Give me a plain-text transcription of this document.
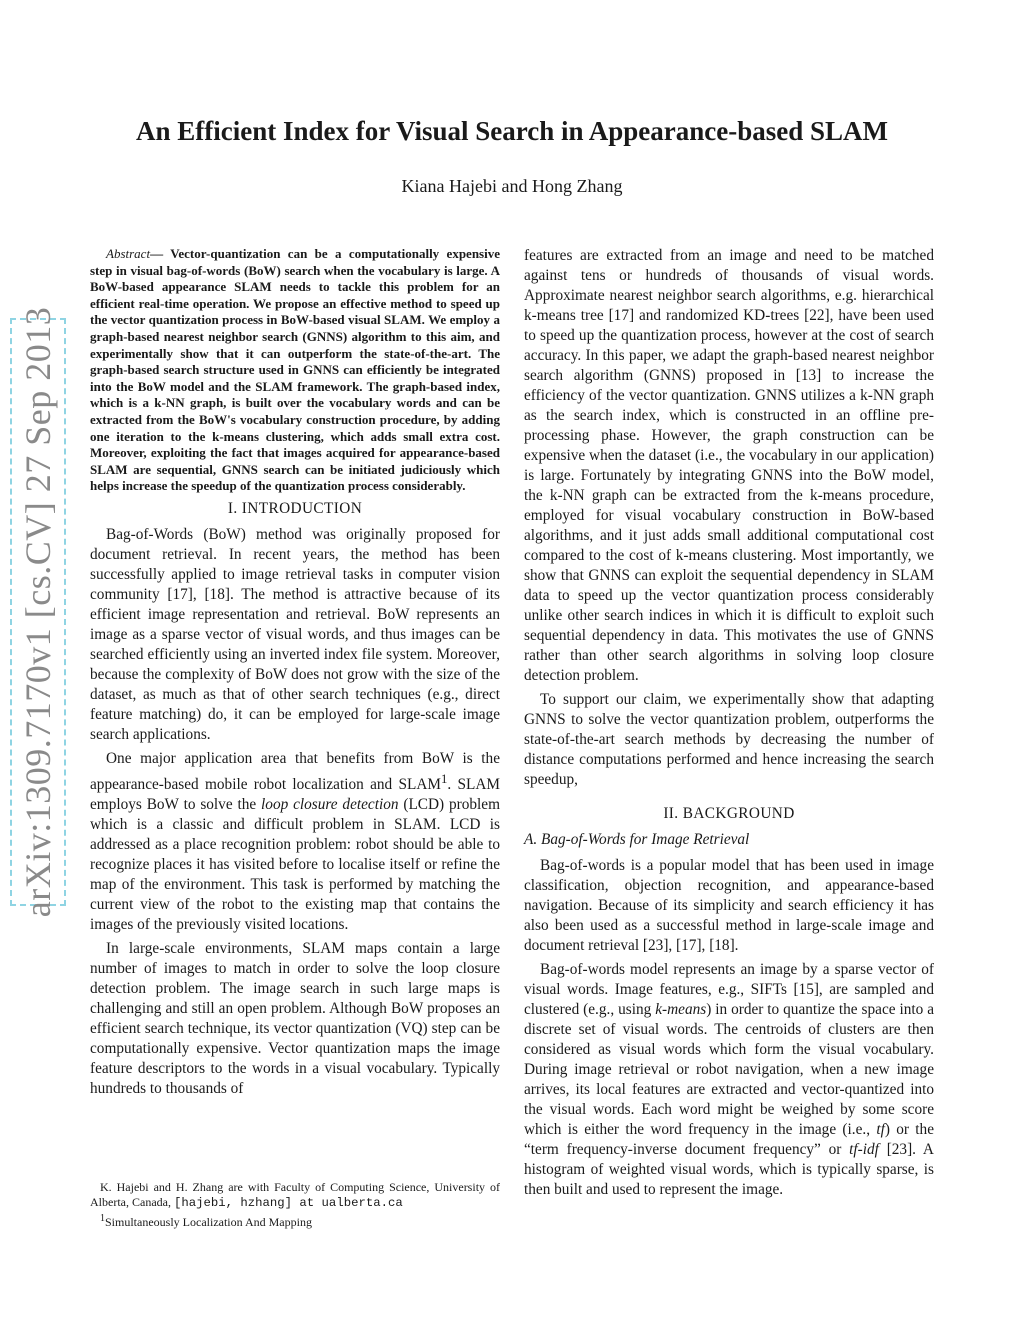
arXiv:1309.7170v1 [cs.CV] 27 Sep 2013
An Efficient Index for Visual Search in Appearance-based SLAM
Kiana Hajebi and Hong Zhang

Abstract— Vector-quantization can be a computationally expensive step in visual bag-of-words (BoW) search when the vocabulary is large. A BoW-based appearance SLAM needs to tackle this problem for an efficient real-time operation. We propose an effective method to speed up the vector quantization process in BoW-based visual SLAM. We employ a graph-based nearest neighbor search (GNNS) algorithm to this aim, and experimentally show that it can outperform the state-of-the-art. The graph-based search structure used in GNNS can efficiently be integrated into the BoW model and the SLAM framework. The graph-based index, which is a k-NN graph, is built over the vocabulary words and can be extracted from the BoW's vocabulary construction procedure, by adding one iteration to the k-means clustering, which adds small extra cost. Moreover, exploiting the fact that images acquired for appearance-based SLAM are sequential, GNNS search can be initiated judiciously which helps increase the speedup of the quantization process considerably.

I. INTRODUCTION

Bag-of-Words (BoW) method was originally proposed for document retrieval. In recent years, the method has been successfully applied to image retrieval tasks in computer vision community [17], [18]. The method is attractive because of its efficient image representation and retrieval. BoW represents an image as a sparse vector of visual words, and thus images can be searched efficiently using an inverted index file system. Moreover, because the complexity of BoW does not grow with the size of the dataset, as much as that of other search techniques (e.g., direct feature matching) do, it can be employed for large-scale image search applications.

One major application area that benefits from BoW is the appearance-based mobile robot localization and SLAM$^1$. SLAM employs BoW to solve the loop closure detection (LCD) problem which is a classic and difficult problem in SLAM. LCD is addressed as a place recognition problem: robot should be able to recognize places it has visited before to localise itself or refine the map of the environment. This task is performed by matching the current view of the robot to the existing map that contains the images of the previously visited locations.

In large-scale environments, SLAM maps contain a large number of images to match in order to solve the loop closure detection problem. The image search in such large maps is challenging and still an open problem. Although BoW proposes an efficient search technique, its vector quantization (VQ) step can be computationally expensive. Vector quantization maps the image feature descriptors to the words in a visual vocabulary. Typically hundreds to thousands of

K. Hajebi and H. Zhang are with Faculty of Computing Science, University of Alberta, Canada, [hajebi, hzhang] at ualberta.ca

$^1$Simultaneously Localization And Mapping

features are extracted from an image and need to be matched against tens or hundreds of thousands of visual words. Approximate nearest neighbor search algorithms, e.g. hierarchical k-means tree [17] and randomized KD-trees [22], have been used to speed up the quantization process, however at the cost of search accuracy. In this paper, we adapt the graph-based nearest neighbor search algorithm (GNNS) proposed in [13] to increase the efficiency of the vector quantization. GNNS utilizes a k-NN graph as the search index, which is constructed in an offline pre-processing phase. However, the graph construction can be expensive when the dataset (i.e., the vocabulary in our application) is large. Fortunately by integrating GNNS into the BoW model, the k-NN graph can be extracted from the k-means procedure, employed for visual vocabulary construction in BoW-based algorithms, and it just adds small additional computational cost compared to the cost of k-means clustering. Most importantly, we show that GNNS can exploit the sequential dependency in SLAM data to speed up the vector quantization process considerably unlike other search indices in which it is difficult to exploit such sequential dependency in data. This motivates the use of GNNS rather than other search algorithms in solving loop closure detection problem.

To support our claim, we experimentally show that adapting GNNS to solve the vector quantization problem, outperforms the state-of-the-art search methods by decreasing the number of distance computations performed and hence increasing the search speedup,

II. BACKGROUND
A. Bag-of-Words for Image Retrieval

Bag-of-words is a popular model that has been used in image classification, objection recognition, and appearance-based navigation. Because of its simplicity and search efficiency it has also been used as a successful method in large-scale image and document retrieval [23], [17], [18].

Bag-of-words model represents an image by a sparse vector of visual words. Image features, e.g., SIFTs [15], are sampled and clustered (e.g., using k-means) in order to quantize the space into a discrete set of visual words. The centroids of clusters are then considered as visual words which form the visual vocabulary. During image retrieval or robot navigation, when a new image arrives, its local features are extracted and vector-quantized into the visual words. Each word might be weighed by some score which is either the word frequency in the image (i.e., tf) or the “term frequency-inverse document frequency” or tf-idf [23]. A histogram of weighted visual words, which is typically sparse, is then built and used to represent the image.
